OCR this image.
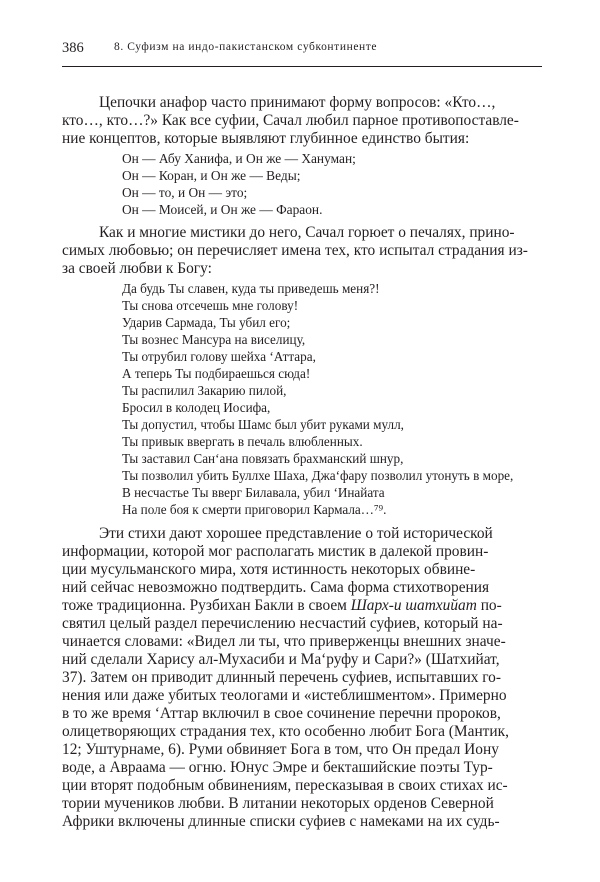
386	8. Суфизм на индо-пакистанском субконтиненте
Цепочки анафор часто принимают форму вопросов: «Кто…,
кто…, кто…?» Как все суфии, Сачал любил парное противопоставле-
ние концептов, которые выявляют глубинное единство бытия:
Он — Абу Ханифа, и Он же — Хануман;
Он — Коран, и Он же — Веды;
Он — то, и Он — это;
Он — Моисей, и Он же — Фараон.
Как и многие мистики до него, Сачал горюет о печалях, прино-
симых любовью; он перечисляет имена тех, кто испытал страдания из-
за своей любви к Богу:
Да будь Ты славен, куда ты приведешь меня?!
Ты снова отсечешь мне голову!
Ударив Сармада, Ты убил его;
Ты вознес Мансура на виселицу,
Ты отрубил голову шейха ‘Аттара,
А теперь Ты подбираешься сюда!
Ты распилил Закарию пилой,
Бросил в колодец Иосифа,
Ты допустил, чтобы Шамс был убит руками мулл,
Ты привык ввергать в печаль влюбленных.
Ты заставил Сан‘ана повязать брахманский шнур,
Ты позволил убить Буллхе Шаха, Джа‘фару позволил утонуть в море,
В несчастье Ты вверг Билавала, убил ‘Инайата
На поле боя к смерти приговорил Кармала…⁷⁹.
Эти стихи дают хорошее представление о той исторической
информации, которой мог располагать мистик в далекой провин-
ции мусульманского мира, хотя истинность некоторых обвине-
ний сейчас невозможно подтвердить. Сама форма стихотворения
тоже традиционна. Рузбихан Бакли в своем Шарх-и шатхийат по-
святил целый раздел перечислению несчастий суфиев, который на-
чинается словами: «Видел ли ты, что приверженцы внешних значе-
ний сделали Харису ал-Мухасиби и Ма‘руфу и Сари?» (Шатхийат,
37). Затем он приводит длинный перечень суфиев, испытавших го-
нения или даже убитых теологами и «истеблишментом». Примерно
в то же время ‘Аттар включил в свое сочинение перечни пророков,
олицетворяющих страдания тех, кто особенно любит Бога (Мантик,
12; Уштурнаме, 6). Руми обвиняет Бога в том, что Он предал Иону
воде, а Авраама — огню. Юнус Эмре и бекташийские поэты Тур-
ции вторят подобным обвинениям, пересказывая в своих стихах ис-
тории мучеников любви. В литании некоторых орденов Северной
Африки включены длинные списки суфиев с намеками на их судь-
